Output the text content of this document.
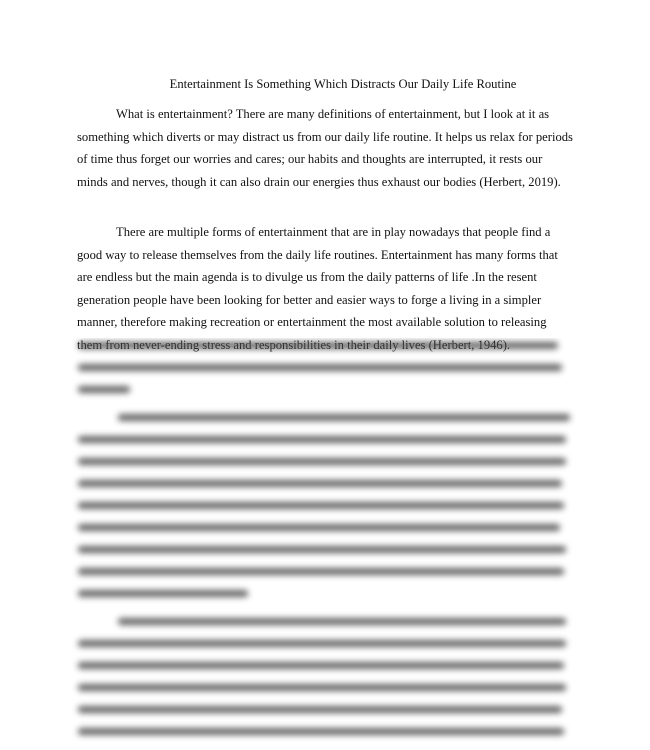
Entertainment Is Something Which Distracts Our Daily Life Routine

What is entertainment? There are many definitions of entertainment, but I look at it as something which diverts or may distract us from our daily life routine. It helps us relax for periods of time thus forget our worries and cares; our habits and thoughts are interrupted, it rests our minds and nerves, though it can also drain our energies thus exhaust our bodies (Herbert, 2019).

There are multiple forms of entertainment that are in play nowadays that people find a good way to release themselves from the daily life routines. Entertainment has many forms that are endless but the main agenda is to divulge us from the daily patterns of life .In the resent generation people have been looking for better and easier ways to forge a living in a simpler manner, therefore making recreation or entertainment the most available solution to releasing
